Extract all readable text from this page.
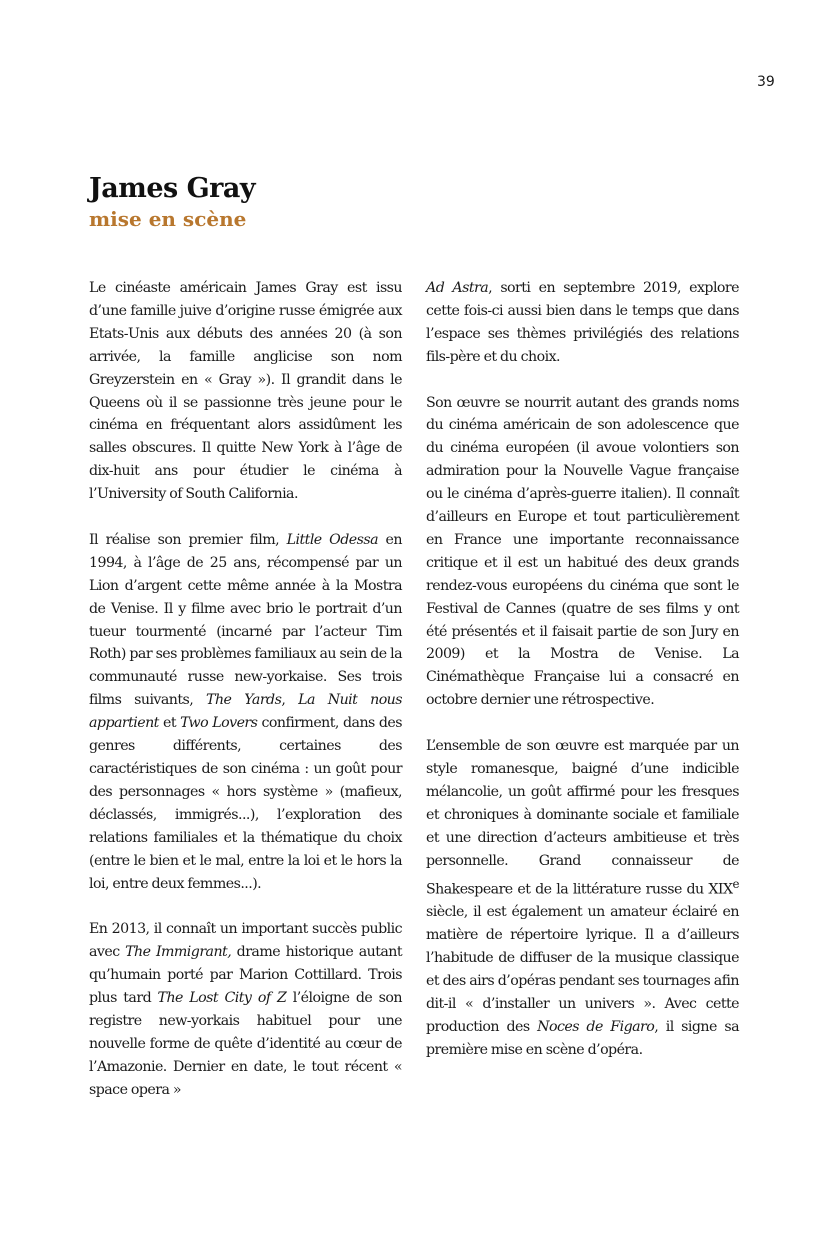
39
James Gray
mise en scène

Le cinéaste américain James Gray est issu d’une famille juive d’origine russe émigrée aux Etats-Unis aux débuts des années 20 (à son arrivée, la famille anglicise son nom Greyzerstein en « Gray »). Il grandit dans le Queens où il se passionne très jeune pour le cinéma en fréquentant alors assidûment les salles obscures. Il quitte New York à l’âge de dix-huit ans pour étudier le cinéma à l’University of South California.

Il réalise son premier film, Little Odessa en 1994, à l’âge de 25 ans, récompensé par un Lion d’argent cette même année à la Mostra de Venise. Il y filme avec brio le portrait d’un tueur tourmenté (incarné par l’acteur Tim Roth) par ses problèmes familiaux au sein de la communauté russe new-yorkaise. Ses trois films suivants, The Yards, La Nuit nous appartient et Two Lovers confirment, dans des genres différents, certaines des caractéristiques de son cinéma : un goût pour des personnages « hors système » (mafieux, déclassés, immigrés...), l’exploration des relations familiales et la thématique du choix (entre le bien et le mal, entre la loi et le hors la loi, entre deux femmes...).

En 2013, il connaît un important succès public avec The Immigrant, drame historique autant qu’humain porté par Marion Cottillard. Trois plus tard The Lost City of Z l’éloigne de son registre new-yorkais habituel pour une nouvelle forme de quête d’identité au cœur de l’Amazonie. Dernier en date, le tout récent « space opera »

Ad Astra, sorti en septembre 2019, explore cette fois-ci aussi bien dans le temps que dans l’espace ses thèmes privilégiés des relations fils-père et du choix.

Son œuvre se nourrit autant des grands noms du cinéma américain de son adolescence que du cinéma européen (il avoue volontiers son admiration pour la Nouvelle Vague française ou le cinéma d’après-guerre italien). Il connaît d’ailleurs en Europe et tout particulièrement en France une importante reconnaissance critique et il est un habitué des deux grands rendez-vous européens du cinéma que sont le Festival de Cannes (quatre de ses films y ont été présentés et il faisait partie de son Jury en 2009) et la Mostra de Venise. La Cinémathèque Française lui a consacré en octobre dernier une rétrospective.

L’ensemble de son œuvre est marquée par un style romanesque, baigné d’une indicible mélancolie, un goût affirmé pour les fresques et chroniques à dominante sociale et familiale et une direction d’acteurs ambitieuse et très personnelle. Grand connaisseur de Shakespeare et de la littérature russe du XIXe siècle, il est également un amateur éclairé en matière de répertoire lyrique. Il a d’ailleurs l’habitude de diffuser de la musique classique et des airs d’opéras pendant ses tournages afin dit-il « d’installer un univers ». Avec cette production des Noces de Figaro, il signe sa première mise en scène d’opéra.
